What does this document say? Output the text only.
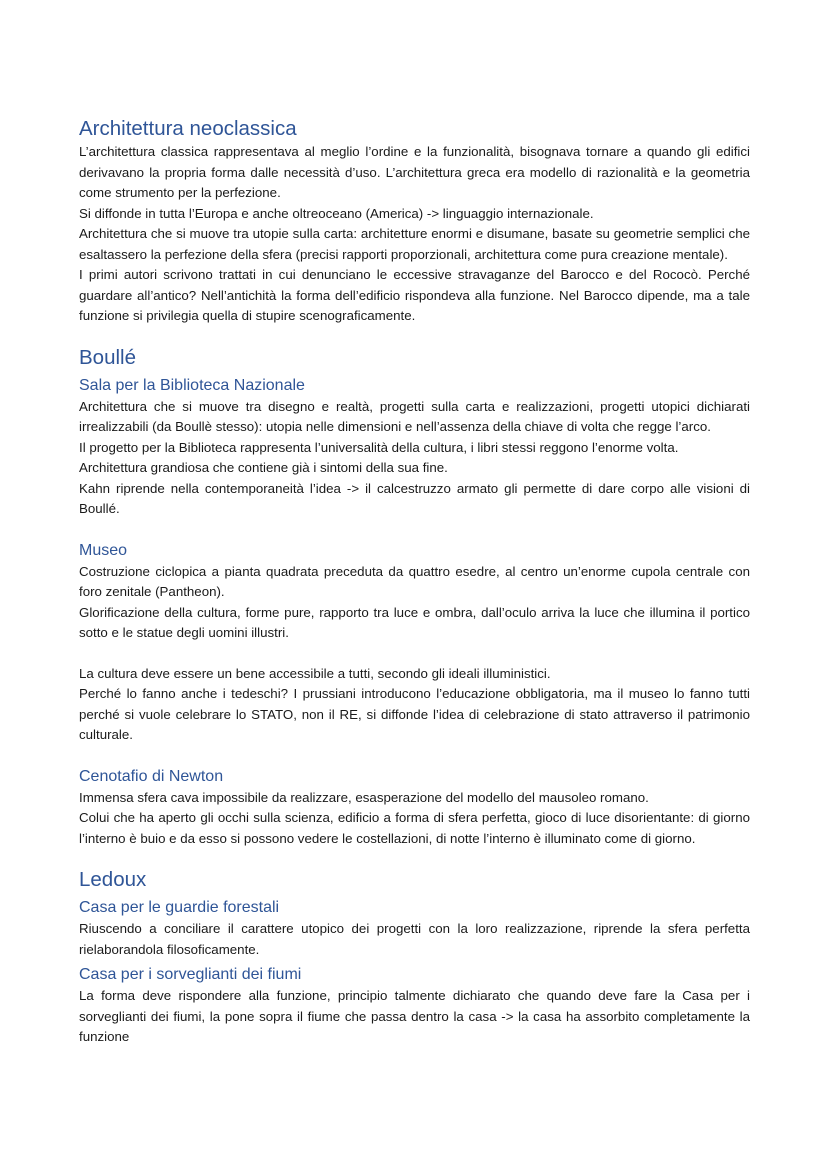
Architettura neoclassica

L’architettura classica rappresentava al meglio l’ordine e la funzionalità, bisognava tornare a quando gli edifici derivavano la propria forma dalle necessità d’uso. L’architettura greca era modello di razionalità e la geometria come strumento per la perfezione.

Si diffonde in tutta l’Europa e anche oltreoceano (America) -> linguaggio internazionale.

Architettura che si muove tra utopie sulla carta: architetture enormi e disumane, basate su geometrie semplici che esaltassero la perfezione della sfera (precisi rapporti proporzionali, architettura come pura creazione mentale).

I primi autori scrivono trattati in cui denunciano le eccessive stravaganze del Barocco e del Rococò. Perché guardare all’antico? Nell’antichità la forma dell’edificio rispondeva alla funzione. Nel Barocco dipende, ma a tale funzione si privilegia quella di stupire scenograficamente.

Boullé
Sala per la Biblioteca Nazionale

Architettura che si muove tra disegno e realtà, progetti sulla carta e realizzazioni, progetti utopici dichiarati irrealizzabili (da Boullè stesso): utopia nelle dimensioni e nell’assenza della chiave di volta che regge l’arco.

Il progetto per la Biblioteca rappresenta l’universalità della cultura, i libri stessi reggono l’enorme volta.

Architettura grandiosa che contiene già i sintomi della sua fine.

Kahn riprende nella contemporaneità l’idea -> il calcestruzzo armato gli permette di dare corpo alle visioni di Boullé.

Museo

Costruzione ciclopica a pianta quadrata preceduta da quattro esedre, al centro un’enorme cupola centrale con foro zenitale (Pantheon).

Glorificazione della cultura, forme pure, rapporto tra luce e ombra, dall’oculo arriva la luce che illumina il portico sotto e le statue degli uomini illustri.

La cultura deve essere un bene accessibile a tutti, secondo gli ideali illuministici.

Perché lo fanno anche i tedeschi? I prussiani introducono l’educazione obbligatoria, ma il museo lo fanno tutti perché si vuole celebrare lo STATO, non il RE, si diffonde l’idea di celebrazione di stato attraverso il patrimonio culturale.

Cenotafio di Newton

Immensa sfera cava impossibile da realizzare, esasperazione del modello del mausoleo romano.

Colui che ha aperto gli occhi sulla scienza, edificio a forma di sfera perfetta, gioco di luce disorientante: di giorno l’interno è buio e da esso si possono vedere le costellazioni, di notte l’interno è illuminato come di giorno.

Ledoux
Casa per le guardie forestali

Riuscendo a conciliare il carattere utopico dei progetti con la loro realizzazione, riprende la sfera perfetta rielaborandola filosoficamente.

Casa per i sorveglianti dei fiumi

La forma deve rispondere alla funzione, principio talmente dichiarato che quando deve fare la Casa per i sorveglianti dei fiumi, la pone sopra il fiume che passa dentro la casa -> la casa ha assorbito completamente la funzione
